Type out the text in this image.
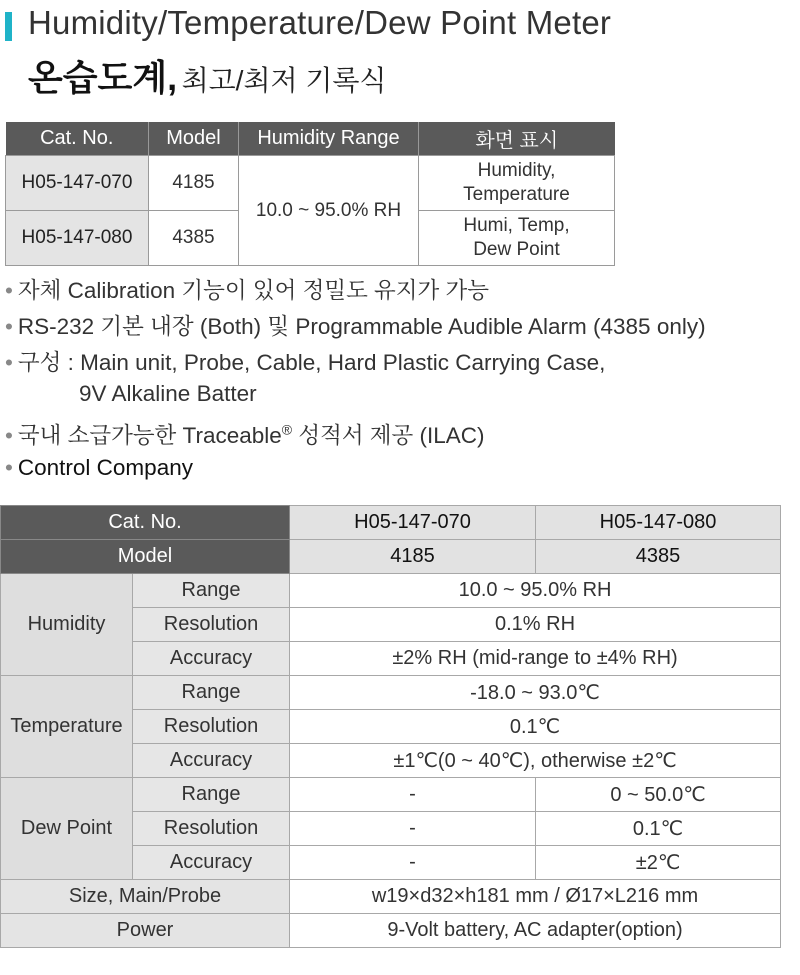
Humidity/Temperature/Dew Point Meter
온습도계, 최고/최저 기록식
Cat. No.	Model	Humidity Range	화면 표시
H05-147-070	4185	10.0 ~ 95.0% RH	Humidity,
Temperature

H05-147-080	4385		Humi, Temp,
Dew Point
• 자체 Calibration 기능이 있어 정밀도 유지가 가능
• RS-232 기본 내장 (Both) 및 Programmable Audible Alarm (4385 only)
• 구성 : Main unit, Probe, Cable, Hard Plastic Carrying Case,
9V Alkaline Batter
• 국내 소급가능한 Traceable® 성적서 제공 (ILAC)
• Control Company
Cat. No.		H05-147-070	H05-147-080
Model		4185	4385
Humidity	Range	10.0 ~ 95.0% RH	
	Resolution	0.1% RH	
	Accuracy	±2% RH (mid-range to ±4% RH)	
Temperature	Range	-18.0 ~ 93.0℃	
	Resolution	0.1℃	
	Accuracy	±1℃(0 ~ 40℃), otherwise ±2℃	
Dew Point	Range	-	0 ~ 50.0℃
	Resolution	-	0.1℃
	Accuracy	-	±2℃
Size, Main/Probe		w19×d32×h181 mm / Ø17×L216 mm	
Power		9-Volt battery, AC adapter(option)	
